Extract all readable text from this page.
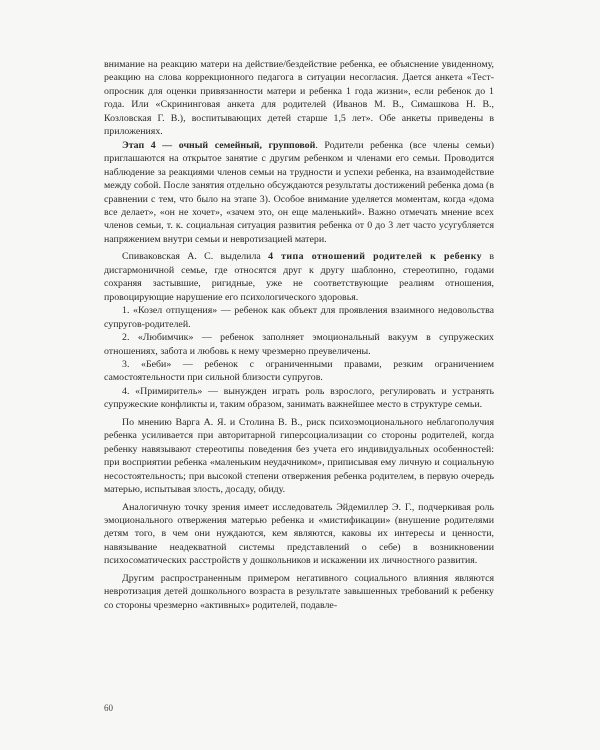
внимание на реакцию матери на действие/бездействие ребенка, ее объяснение увиденному, реакцию на слова коррекционного педагога в ситуации несогласия. Дается анкета «Тест-опросник для оценки привязанности матери и ребенка 1 года жизни», если ребенок до 1 года. Или «Скрининговая анкета для родителей (Иванов М. В., Симашкова Н. В., Козловская Г. В.), воспитывающих детей старше 1,5 лет». Обе анкеты приведены в приложениях.

Этап 4 — очный семейный, групповой. Родители ребенка (все члены семьи) приглашаются на открытое занятие с другим ребенком и членами его семьи. Проводится наблюдение за реакциями членов семьи на трудности и успехи ребенка, на взаимодействие между собой. После занятия отдельно обсуждаются результаты достижений ребенка дома (в сравнении с тем, что было на этапе 3). Особое внимание уделяется моментам, когда «дома все делает», «он не хочет», «зачем это, он еще маленький». Важно отмечать мнение всех членов семьи, т. к. социальная ситуация развития ребенка от 0 до 3 лет часто усугубляется напряжением внутри семьи и невротизацией матери.

Спиваковская А. С. выделила 4 типа отношений родителей к ребенку в дисгармоничной семье, где относятся друг к другу шаблонно, стереотипно, годами сохраняя застывшие, ригидные, уже не соответствующие реалиям отношения, провоцирующие нарушение его психологического здоровья.

1. «Козел отпущения» — ребенок как объект для проявления взаимного недовольства супругов-родителей.

2. «Любимчик» — ребенок заполняет эмоциональный вакуум в супружеских отношениях, забота и любовь к нему чрезмерно преувеличены.

3. «Беби» — ребенок с ограниченными правами, резким ограничением самостоятельности при сильной близости супругов.

4. «Примиритель» — вынужден играть роль взрослого, регулировать и устранять супружеские конфликты и, таким образом, занимать важнейшее место в структуре семьи.

По мнению Варга А. Я. и Столина В. В., риск психоэмоционального неблагополучия ребенка усиливается при авторитарной гиперсоциализации со стороны родителей, когда ребенку навязывают стереотипы поведения без учета его индивидуальных особенностей: при восприятии ребенка «маленьким неудачником», приписывая ему личную и социальную несостоятельность; при высокой степени отвержения ребенка родителем, в первую очередь матерью, испытывая злость, досаду, обиду.

Аналогичную точку зрения имеет исследователь Эйдемиллер Э. Г., подчеркивая роль эмоционального отвержения матерью ребенка и «мистификации» (внушение родителями детям того, в чем они нуждаются, кем являются, каковы их интересы и ценности, навязывание неадекватной системы представлений о себе) в возникновении психосоматических расстройств у дошкольников и искажении их личностного развития.

Другим распространенным примером негативного социального влияния являются невротизация детей дошкольного возраста в результате завышенных требований к ребенку со стороны чрезмерно «активных» родителей, подавле-

60
